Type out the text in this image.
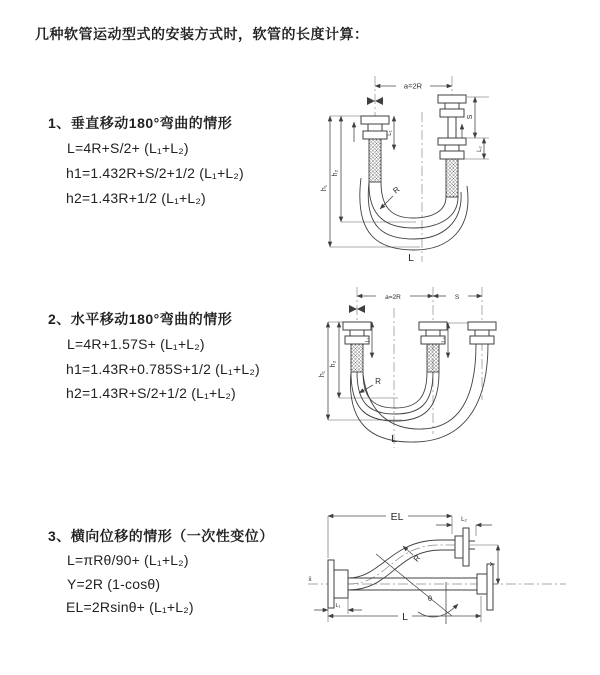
几种软管运动型式的安装方式时，软管的长度计算：
1、垂直移动180°弯曲的情形
L=4R+S/2+ (L₁+L₂)
h1=1.432R+S/2+1/2 (L₁+L₂)
h2=1.43R+1/2 (L₁+L₂)
2、水平移动180°弯曲的情形
L=4R+1.57S+ (L₁+L₂)
h1=1.43R+0.785S+1/2 (L₁+L₂)
h2=1.43R+S/2+1/2 (L₁+L₂)
3、横向位移的情形（一次性变位）
L=πRθ/90+ (L₁+L₂)
Y=2R (1-cosθ)
EL=2Rsinθ+ (L₁+L₂)
a=2R
h₁
h₂
L₁
S
L₂
R
L
a=2R	S
h₁
h₂
L₁	L₂
R
L
EL	L₂
Y
R
θ
L
L₁
x̄
